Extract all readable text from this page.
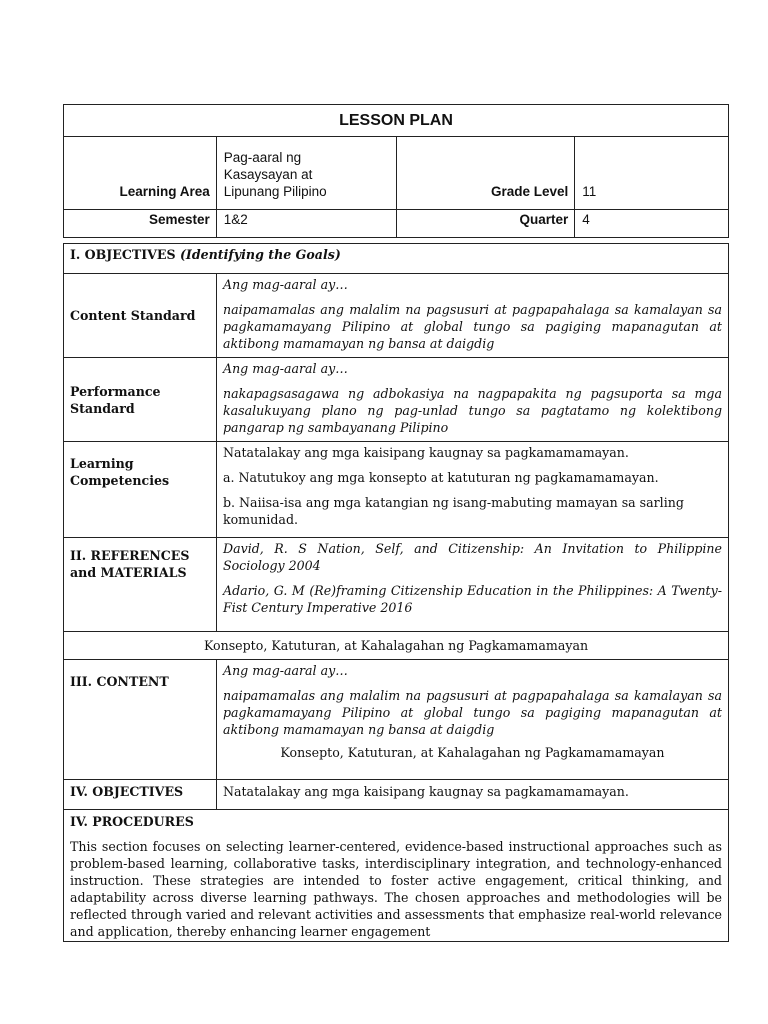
LESSON PLAN			
Learning Area	Pag-aaral ng Kasaysayan at Lipunang Pilipino	Grade Level	11
Semester	1&2	Quarter	4
I. OBJECTIVES (Identifying the Goals)	
Content Standard	Ang mag-aaral ay…

naipamamalas ang malalim na pagsusuri at pagpapahalaga sa kamalayan sa pagkamamayang Pilipino at global tungo sa pagiging mapanagutan at aktibong mamamayan ng bansa at daigdig

Performance Standard	Ang mag-aaral ay…

nakapagsasagawa ng adbokasiya na nagpapakita ng pagsuporta sa mga kasalukuyang plano ng pag-unlad tungo sa pagtatamo ng kolektibong pangarap ng sambayanang Pilipino

Learning Competencies	Natatalakay ang mga kaisipang kaugnay sa pagkamamamayan.

a. Natutukoy ang mga konsepto at katuturan ng pagkamamamayan.

b. Naiisa-isa ang mga katangian ng isang-mabuting mamayan sa sarling komunidad.

II. REFERENCES and MATERIALS	David, R. S Nation, Self, and Citizenship: An Invitation to Philippine Sociology 2004

Adario, G. M (Re)framing Citizenship Education in the Philippines: A Twenty-Fist Century Imperative 2016

Konsepto, Katuturan, at Kahalagahan ng Pagkamamamayan	
III. CONTENT	Ang mag-aaral ay…

naipamamalas ang malalim na pagsusuri at pagpapahalaga sa kamalayan sa pagkamamayang Pilipino at global tungo sa pagiging mapanagutan at aktibong mamamayan ng bansa at daigdig

Konsepto, Katuturan, at Kahalagahan ng Pagkamamamayan

IV. OBJECTIVES	Natatalakay ang mga kaisipang kaugnay sa pagkamamamayan.

IV. PROCEDURES

This section focuses on selecting learner-centered, evidence-based instructional approaches such as problem-based learning, collaborative tasks, interdisciplinary integration, and technology-enhanced instruction. These strategies are intended to foster active engagement, critical thinking, and adaptability across diverse learning pathways. The chosen approaches and methodologies will be reflected through varied and relevant activities and assessments that emphasize real-world relevance and application, thereby enhancing learner engagement	
